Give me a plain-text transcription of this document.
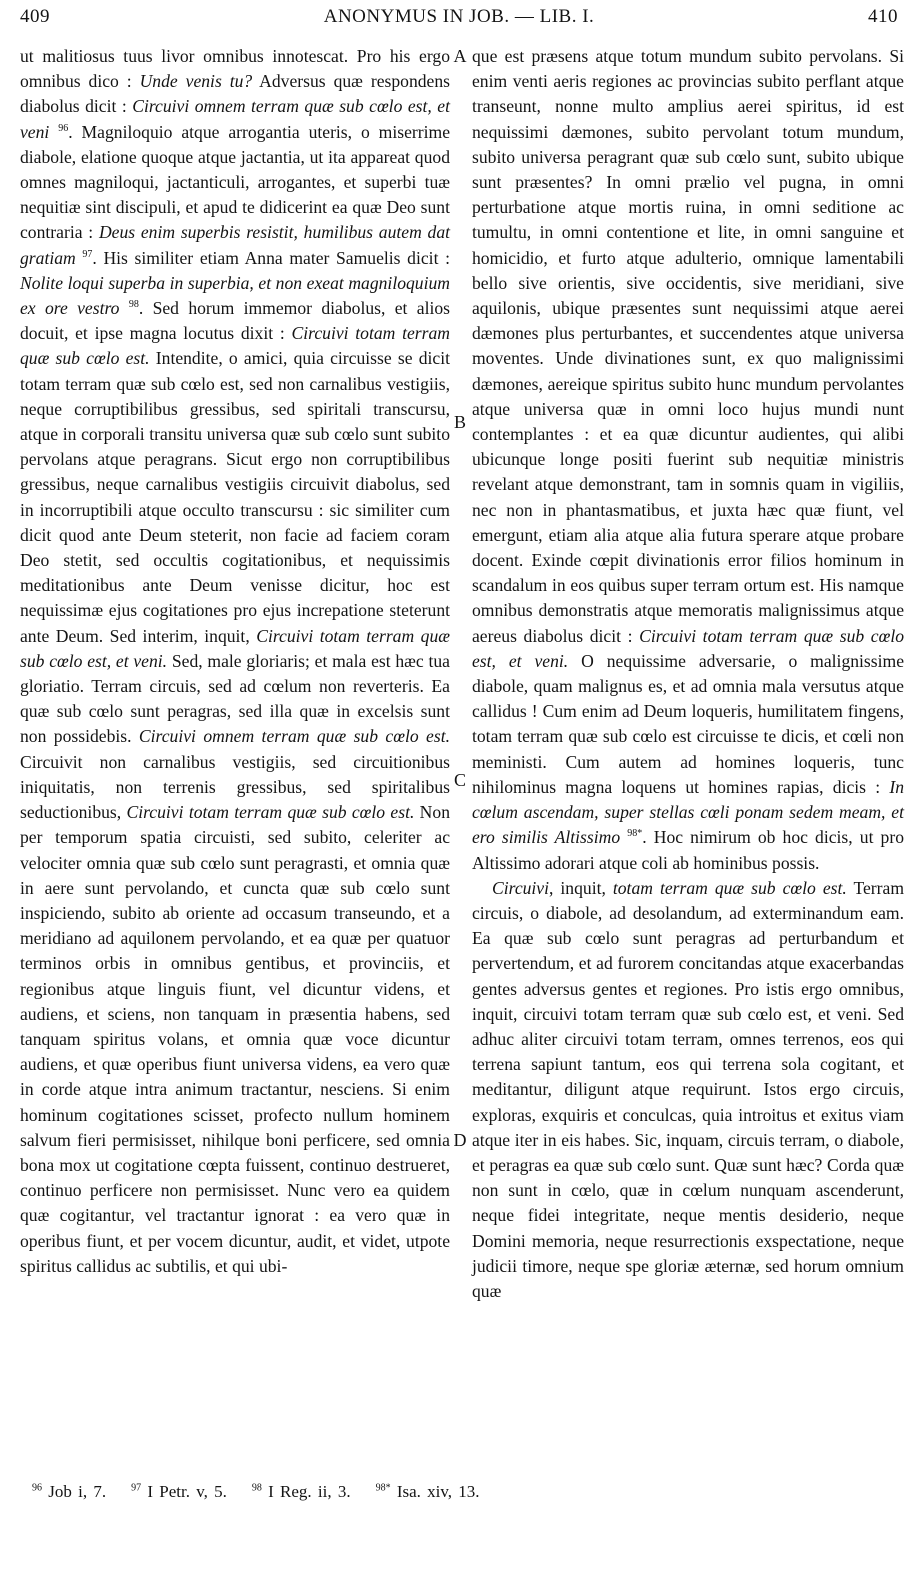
409	ANONYMUS IN JOB. — LIB. I.	410

ut malitiosus tuus livor omnibus innotescat. Pro his ergo omnibus dico : Unde venis tu? Adversus quæ respondens diabolus dicit : Circuivi omnem terram quæ sub cœlo est, et veni $^{96}$. Magniloquio atque arrogantia uteris, o miserrime diabole, elatione quoque atque jactantia, ut ita appareat quod omnes magniloqui, jactanticuli, arrogantes, et superbi tuæ nequitiæ sint discipuli, et apud te didicerint ea quæ Deo sunt contraria : Deus enim superbis resistit, humilibus autem dat gratiam $^{97}$. His similiter etiam Anna mater Samuelis dicit : Nolite loqui superba in superbia, et non exeat magniloquium ex ore vestro $^{98}$. Sed horum immemor diabolus, et alios docuit, et ipse magna locutus dixit : Circuivi totam terram quæ sub cœlo est. Intendite, o amici, quia circuisse se dicit totam terram quæ sub cœlo est, sed non carnalibus vestigiis, neque corruptibilibus gressibus, sed spiritali transcursu, atque in corporali transitu universa quæ sub cœlo sunt subito pervolans atque peragrans. Sicut ergo non corruptibilibus gressibus, neque carnalibus vestigiis circuivit diabolus, sed in incorruptibili atque occulto transcursu : sic similiter cum dicit quod ante Deum steterit, non facie ad faciem coram Deo stetit, sed occultis cogitationibus, et nequissimis meditationibus ante Deum venisse dicitur, hoc est nequissimæ ejus cogitationes pro ejus increpatione steterunt ante Deum. Sed interim, inquit, Circuivi totam terram quæ sub cœlo est, et veni. Sed, male gloriaris; et mala est hæc tua gloriatio. Terram circuis, sed ad cœlum non reverteris. Ea quæ sub cœlo sunt peragras, sed illa quæ in excelsis sunt non possidebis. Circuivi omnem terram quæ sub cœlo est. Circuivit non carnalibus vestigiis, sed circuitionibus iniquitatis, non terrenis gressibus, sed spiritalibus seductionibus, Circuivi totam terram quæ sub cœlo est. Non per temporum spatia circuisti, sed subito, celeriter ac velociter omnia quæ sub cœlo sunt peragrasti, et omnia quæ in aere sunt pervolando, et cuncta quæ sub cœlo sunt inspiciendo, subito ab oriente ad occasum transeundo, et a meridiano ad aquilonem pervolando, et ea quæ per quatuor terminos orbis in omnibus gentibus, et provinciis, et regionibus atque linguis fiunt, vel dicuntur videns, et audiens, et sciens, non tanquam in præsentia habens, sed tanquam spiritus volans, et omnia quæ voce dicuntur audiens, et quæ operibus fiunt universa videns, ea vero quæ in corde atque intra animum tractantur, nesciens. Si enim hominum cogitationes scisset, profecto nullum hominem salvum fieri permisisset, nihilque boni perficere, sed omnia bona mox ut cogitatione cœpta fuissent, continuo destrueret, continuo perficere non permisisset. Nunc vero ea quidem quæ cogitantur, vel tractantur ignorat : ea vero quæ in operibus fiunt, et per vocem dicuntur, audit, et videt, utpote spiritus callidus ac subtilis, et qui ubi-

que est præsens atque totum mundum subito pervolans. Si enim venti aeris regiones ac provincias subito perflant atque transeunt, nonne multo amplius aerei spiritus, id est nequissimi dæmones, subito pervolant totum mundum, subito universa peragrant quæ sub cœlo sunt, subito ubique sunt præsentes? In omni prælio vel pugna, in omni perturbatione atque mortis ruina, in omni seditione ac tumultu, in omni contentione et lite, in omni sanguine et homicidio, et furto atque adulterio, omnique lamentabili bello sive orientis, sive occidentis, sive meridiani, sive aquilonis, ubique præsentes sunt nequissimi atque aerei dæmones plus perturbantes, et succendentes atque universa moventes. Unde divinationes sunt, ex quo malignissimi dæmones, aereique spiritus subito hunc mundum pervolantes atque universa quæ in omni loco hujus mundi nunt contemplantes : et ea quæ dicuntur audientes, qui alibi ubicunque longe positi fuerint sub nequitiæ ministris revelant atque demonstrant, tam in somnis quam in vigiliis, nec non in phantasmatibus, et juxta hæc quæ fiunt, vel emergunt, etiam alia atque alia futura sperare atque probare docent. Exinde cœpit divinationis error filios hominum in scandalum in eos quibus super terram ortum est. His namque omnibus demonstratis atque memoratis malignissimus atque aereus diabolus dicit : Circuivi totam terram quæ sub cœlo est, et veni. O nequissime adversarie, o malignissime diabole, quam malignus es, et ad omnia mala versutus atque callidus ! Cum enim ad Deum loqueris, humilitatem fingens, totam terram quæ sub cœlo est circuisse te dicis, et cœli non meministi. Cum autem ad homines loqueris, tunc nihilominus magna loquens ut homines rapias, dicis : In cœlum ascendam, super stellas cœli ponam sedem meam, et ero similis Altissimo $^{98*}$. Hoc nimirum ob hoc dicis, ut pro Altissimo adorari atque coli ab hominibus possis.

Circuivi, inquit, totam terram quæ sub cœlo est. Terram circuis, o diabole, ad desolandum, ad exterminandum eam. Ea quæ sub cœlo sunt peragras ad perturbandum et pervertendum, et ad furorem concitandas atque exacerbandas gentes adversus gentes et regiones. Pro istis ergo omnibus, inquit, circuivi totam terram quæ sub cœlo est, et veni. Sed adhuc aliter circuivi totam terram, omnes terrenos, eos qui terrena sapiunt tantum, eos qui terrena sola cogitant, et meditantur, diligunt atque requirunt. Istos ergo circuis, exploras, exquiris et conculcas, quia introitus et exitus viam atque iter in eis habes. Sic, inquam, circuis terram, o diabole, et peragras ea quæ sub cœlo sunt. Quæ sunt hæc? Corda quæ non sunt in cœlo, quæ in cœlum nunquam ascenderunt, neque fidei integritate, neque mentis desiderio, neque Domini memoria, neque resurrectionis exspectatione, neque judicii timore, neque spe gloriæ æternæ, sed horum omnium quæ

A
B
C
D
$^{96}$ Job i, 7.	$^{97}$ I Petr. v, 5.	$^{98}$ I Reg. ii, 3.	$^{98*}$ Isa. xiv, 13.
